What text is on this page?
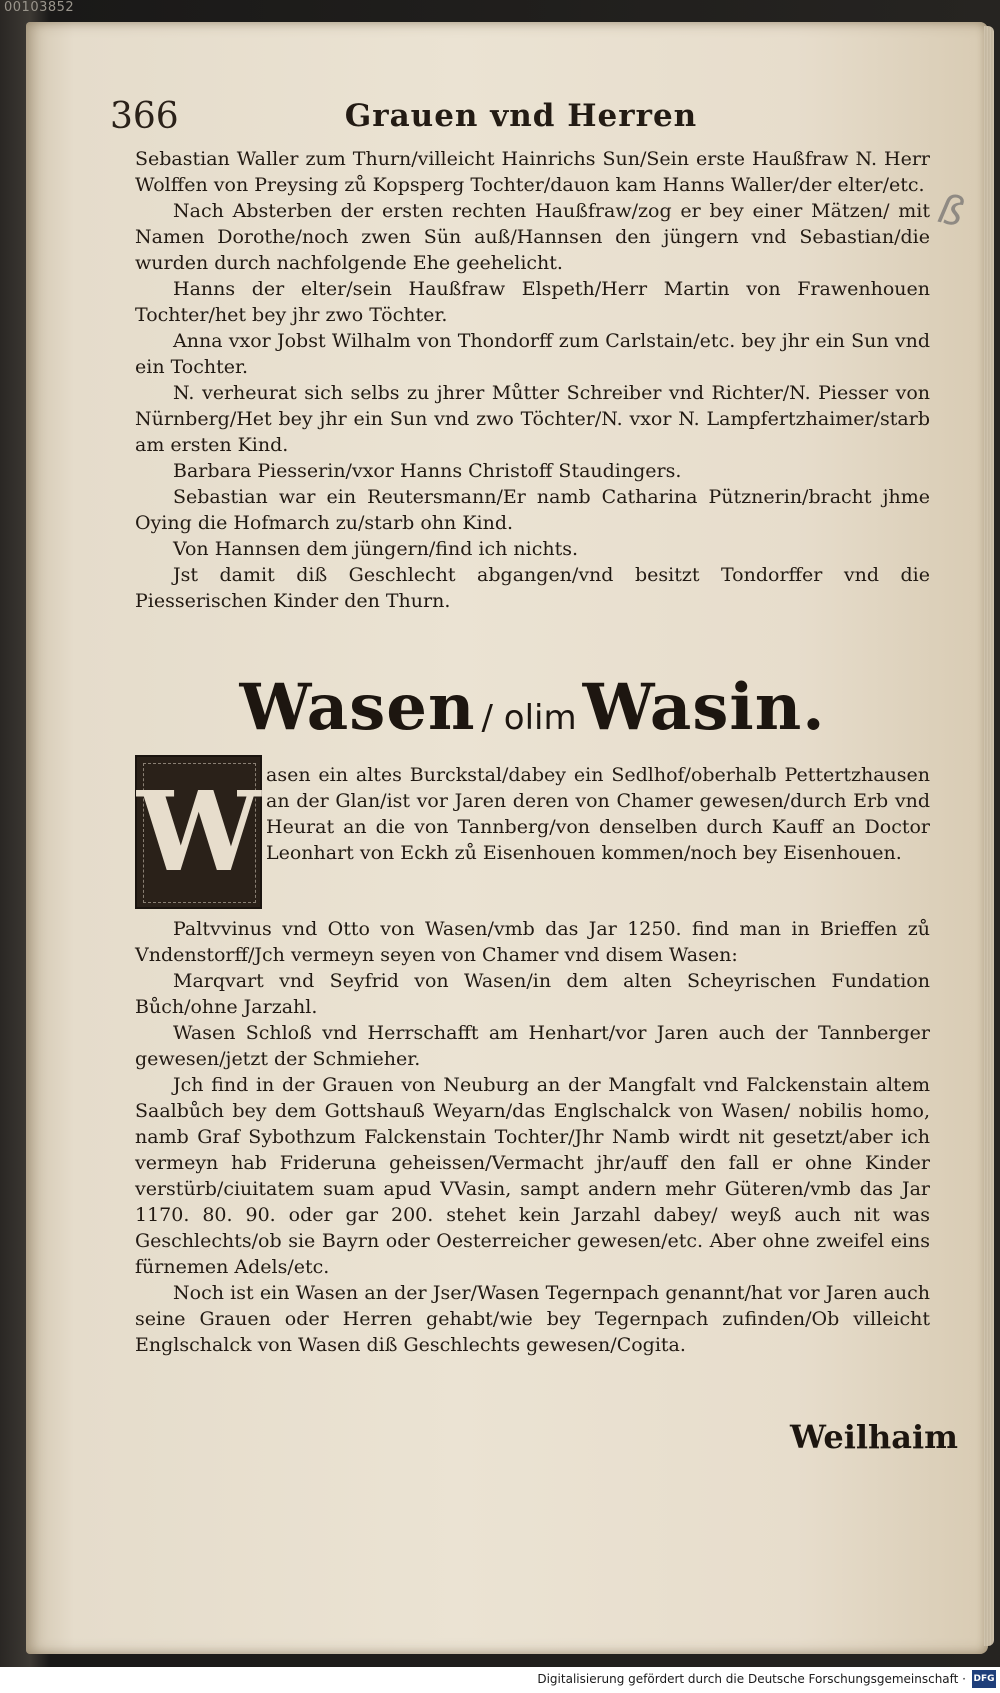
00103852
ß
366	Grauen vnd Herren

Sebastian Waller zum Thurn/villeicht Hainrichs Sun/Sein erste Haußfraw N. Herr Wolffen von Preysing zů Kopsperg Tochter/dauon kam Hanns Waller/der elter/etc.

Nach Absterben der ersten rechten Haußfraw/zog er bey einer Mätzen/ mit Namen Dorothe/noch zwen Sün auß/Hannsen den jüngern vnd Sebastian/die wurden durch nachfolgende Ehe geehelicht.

Hanns der elter/sein Haußfraw Elspeth/Herr Martin von Frawenhouen Tochter/het bey jhr zwo Töchter.

Anna vxor Jobst Wilhalm von Thondorff zum Carlstain/etc. bey jhr ein Sun vnd ein Tochter.

N. verheurat sich selbs zu jhrer Můtter Schreiber vnd Richter/N. Piesser von Nürnberg/Het bey jhr ein Sun vnd zwo Töchter/N. vxor N. Lampfertzhaimer/starb am ersten Kind.

Barbara Piesserin/vxor Hanns Christoff Staudingers.

Sebastian war ein Reutersmann/Er namb Catharina Pütznerin/bracht jhme Oying die Hofmarch zu/starb ohn Kind.

Von Hannsen dem jüngern/find ich nichts.

Jst damit diß Geschlecht abgangen/vnd besitzt Tondorffer vnd die Piesserischen Kinder den Thurn.

Wasen / olimWasin.
W asen ein altes Burckstal/dabey ein Sedlhof/oberhalb Pettertzhausen an der Glan/ist vor Jaren deren von Chamer gewesen/durch Erb vnd Heurat an die von Tannberg/von denselben durch Kauff an Doctor Leonhart von Eckh zů Eisenhouen kommen/noch bey Eisenhouen.

Paltvvinus vnd Otto von Wasen/vmb das Jar 1250. find man in Brieffen zů Vndenstorff/Jch vermeyn seyen von Chamer vnd disem Wasen:

Marqvart vnd Seyfrid von Wasen/in dem alten Scheyrischen Fundation Bůch/ohne Jarzahl.

Wasen Schloß vnd Herrschafft am Henhart/vor Jaren auch der Tannberger gewesen/jetzt der Schmieher.

Jch find in der Grauen von Neuburg an der Mangfalt vnd Falckenstain altem Saalbůch bey dem Gottshauß Weyarn/das Englschalck von Wasen/ nobilis homo, namb Graf Sybothzum Falckenstain Tochter/Jhr Namb wirdt nit gesetzt/aber ich vermeyn hab Frideruna geheissen/Vermacht jhr/auff den fall er ohne Kinder verstürb/ciuitatem suam apud VVasin, sampt andern mehr Güteren/vmb das Jar 1170. 80. 90. oder gar 200. stehet kein Jarzahl dabey/ weyß auch nit was Geschlechts/ob sie Bayrn oder Oesterreicher gewesen/etc. Aber ohne zweifel eins fürnemen Adels/etc.

Noch ist ein Wasen an der Jser/Wasen Tegernpach genannt/hat vor Jaren auch seine Grauen oder Herren gehabt/wie bey Tegernpach zufinden/Ob villeicht Englschalck von Wasen diß Geschlechts gewesen/Cogita.

Weilhaim
Digitalisierung gefördert durch die Deutsche Forschungsgemeinschaft · DFG
